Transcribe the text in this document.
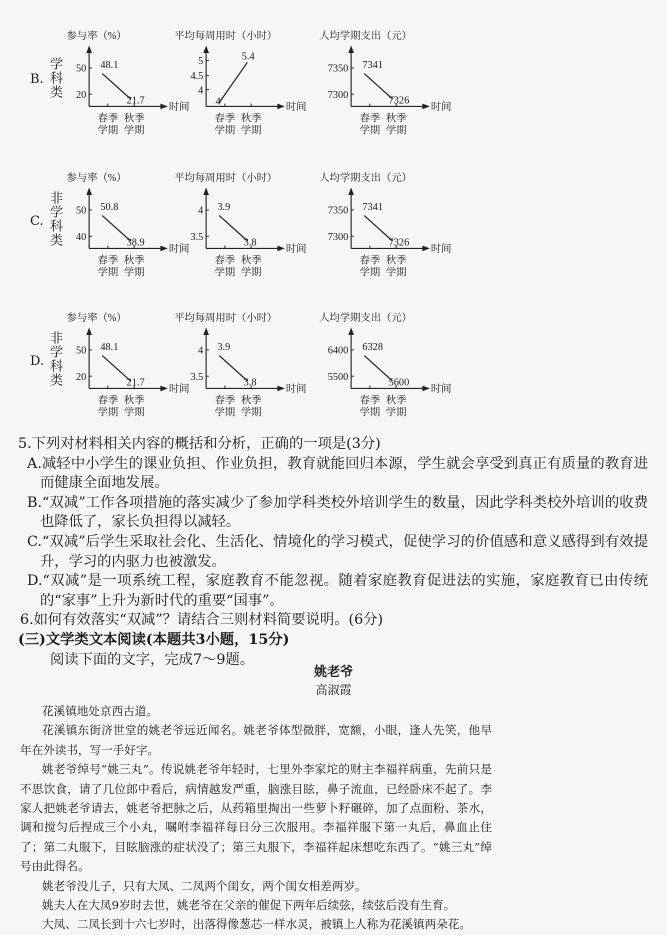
学科类
B.
参与率（%）
时间
50
20
春季
学期
秋季
学期
48.1
21.7
平均每周用时（小时）
时间
5
4.5
4
春季
学期
秋季
学期
4
5.4
人均学期支出（元）
时间
7350
7300
春季
学期
秋季
学期
7341
7326
非学科类
C.
参与率（%）
时间
50
40
春季
学期
秋季
学期
50.8
38.9
平均每周用时（小时）
时间
4
3.5
春季
学期
秋季
学期
3.9
3.8
人均学期支出（元）
时间
7350
7300
春季
学期
秋季
学期
7341
7326
非学科类
D.
参与率（%）
时间
50
20
春季
学期
秋季
学期
48.1
21.7
平均每周用时（小时）
时间
4
3.5
春季
学期
秋季
学期
3.9
3.8
人均学期支出（元）
时间
6400
5500
春季
学期
秋季
学期
6328
5600
5.下列对材料相关内容的概括和分析，正确的一项是(3分)
A.减轻中小学生的课业负担、作业负担，教育就能回归本源，学生就会享受到真正有质量的教育进而健康全面地发展。
B.“双减”工作各项措施的落实减少了参加学科类校外培训学生的数量，因此学科类校外培训的收费也降低了，家长负担得以减轻。
C.“双减”后学生采取社会化、生活化、情境化的学习模式，促使学习的价值感和意义感得到有效提升，学习的内驱力也被激发。
D.“双减”是一项系统工程，家庭教育不能忽视。随着家庭教育促进法的实施，家庭教育已由传统的“家事”上升为新时代的重要“国事”。
6.如何有效落实“双减”？请结合三则材料简要说明。(6分)
(三)文学类文本阅读(本题共3小题，15分)
阅读下面的文字，完成7～9题。
姚老爷
高淑霞

花溪镇地处京西古道。

花溪镇东街济世堂的姚老爷远近闻名。姚老爷体型微胖，宽额，小眼，逢人先笑，他早年在外读书，写一手好字。

姚老爷绰号“姚三丸”。传说姚老爷年轻时，七里外李家坨的财主李福祥病重，先前只是不思饮食，请了几位郎中看后，病情越发严重，脑涨目眩，鼻子流血，已经卧床不起了。李家人把姚老爷请去，姚老爷把脉之后，从药箱里掏出一些萝卜籽碾碎，加了点面粉、茶水，调和搅匀后捏成三个小丸，嘱咐李福祥每日分三次服用。李福祥服下第一丸后，鼻血止住了；第二丸服下，目眩脑涨的症状没了；第三丸服下，李福祥起床想吃东西了。“姚三丸”绰号由此得名。

姚老爷没儿子，只有大凤、二凤两个闺女，两个闺女相差两岁。

姚夫人在大凤9岁时去世，姚老爷在父亲的催促下两年后续弦，续弦后没有生育。

大凤、二凤长到十六七岁时，出落得像葱芯一样水灵，被镇上人称为花溪镇两朵花。
